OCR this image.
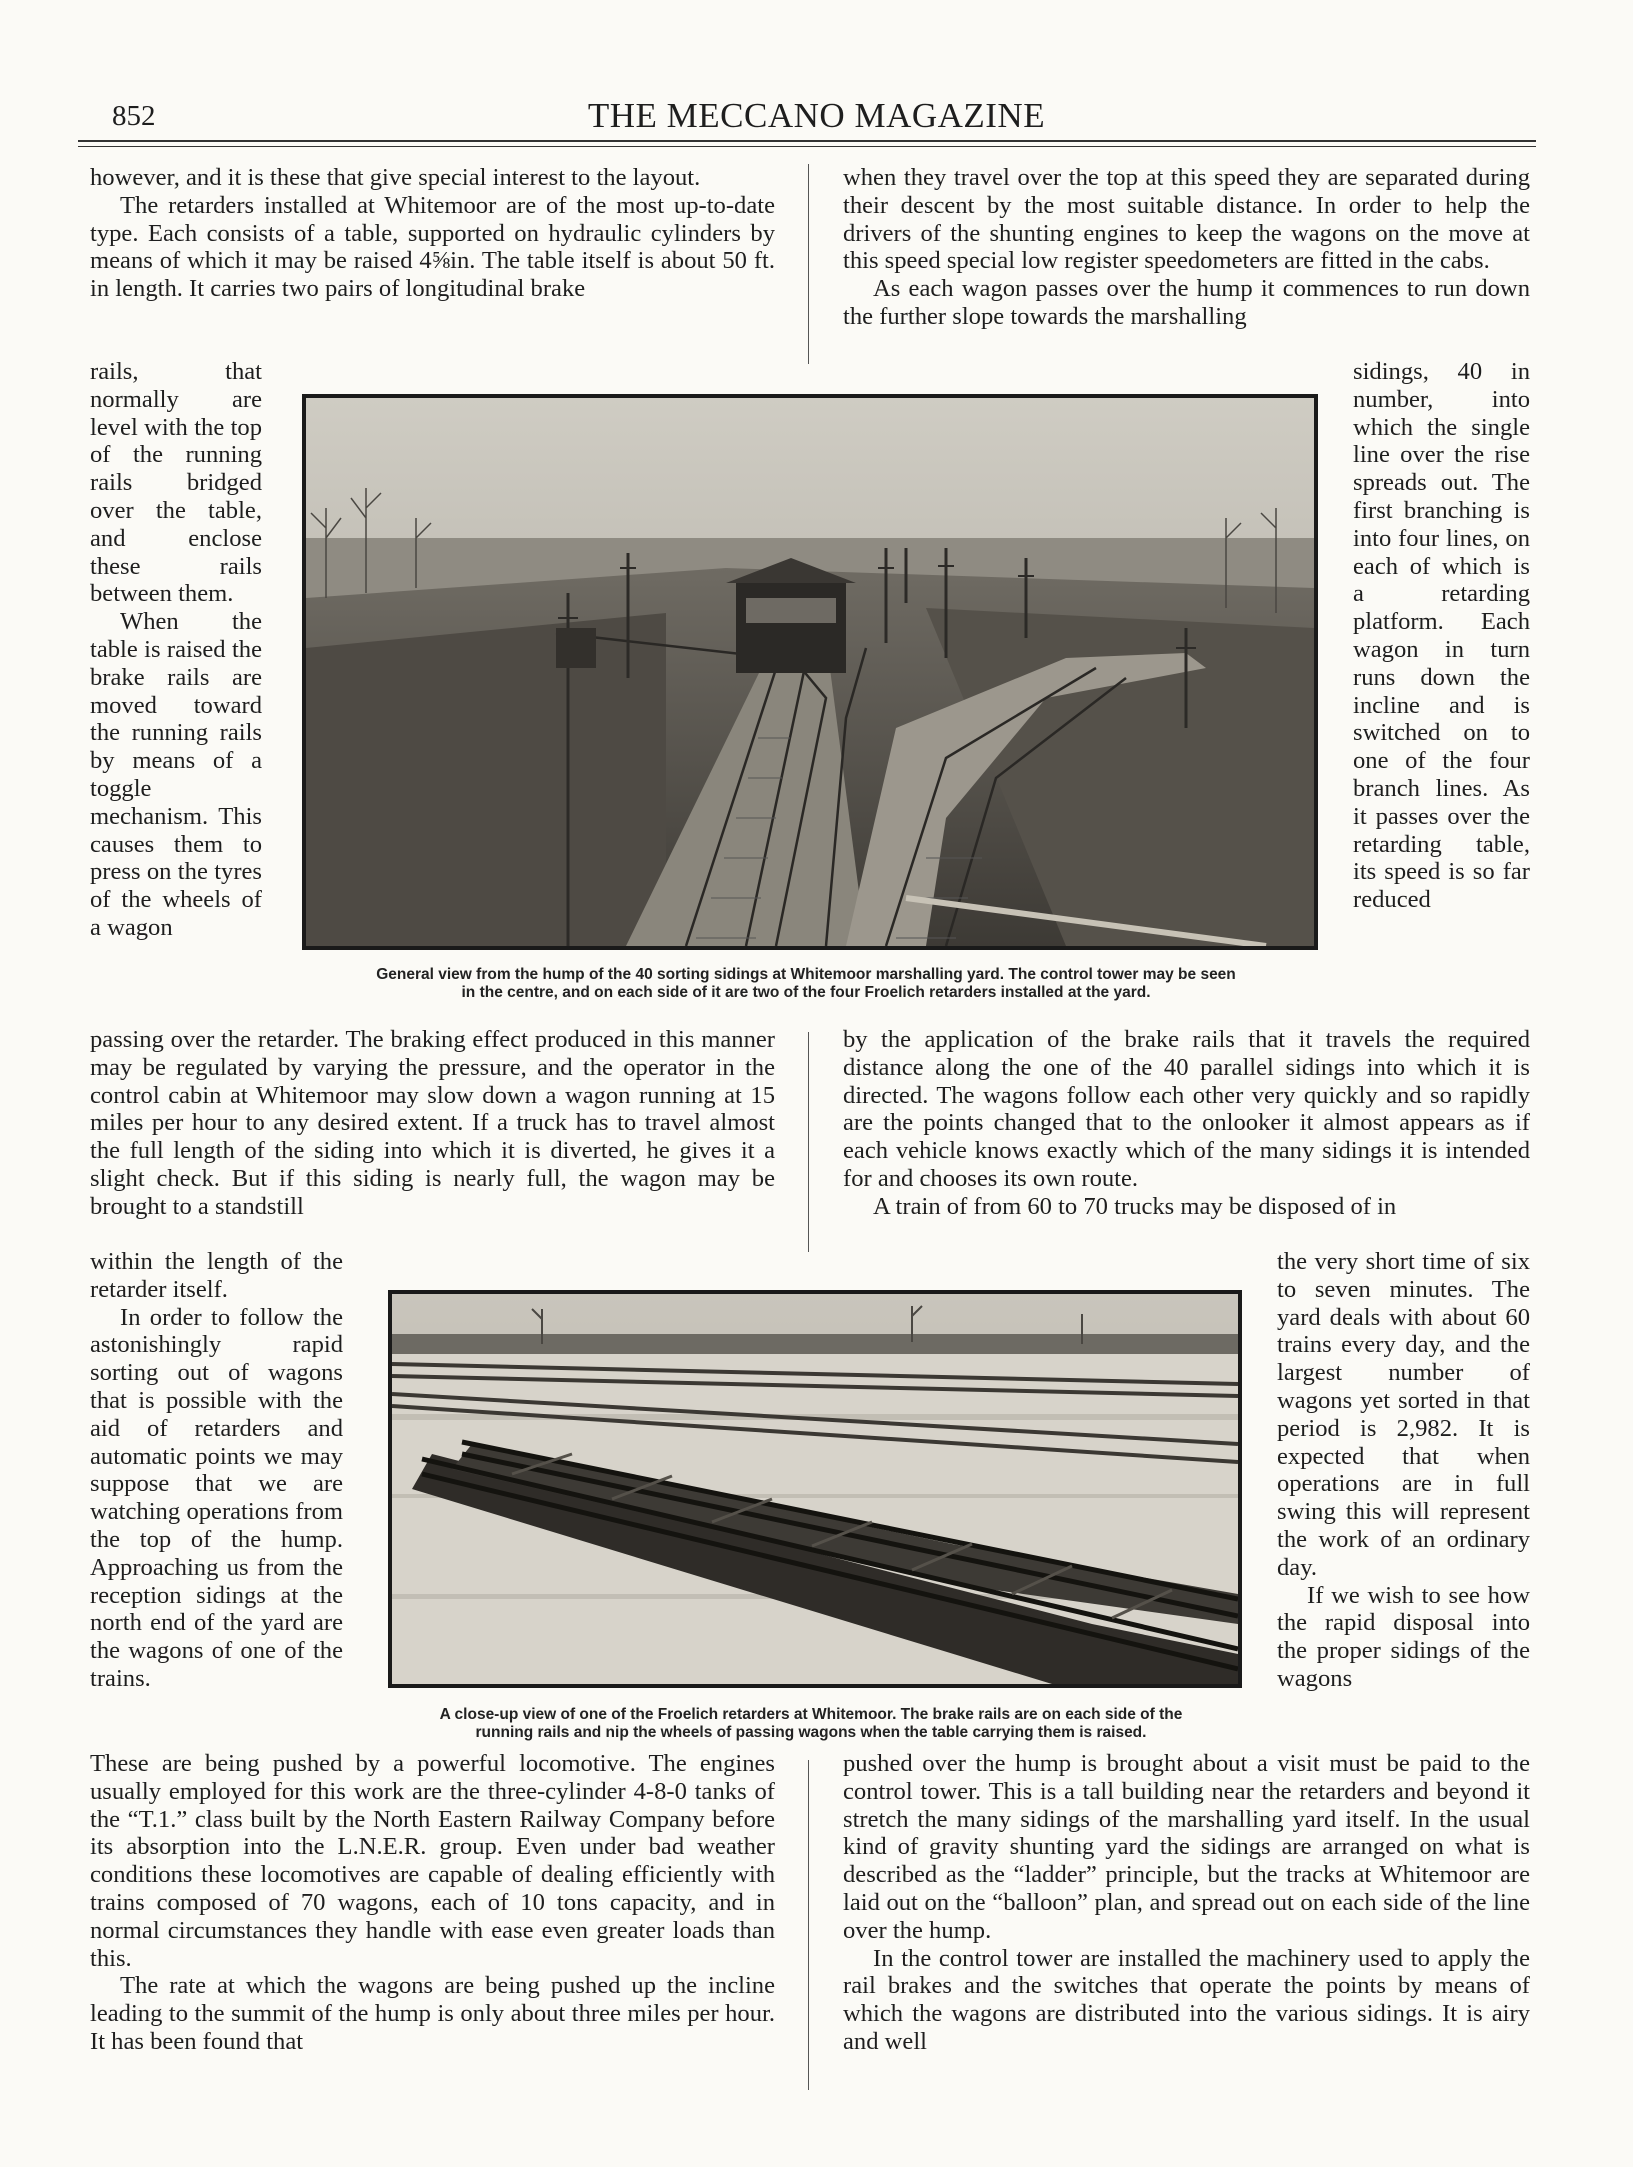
852	THE MECCANO MAGAZINE

however, and it is these that give special interest to the layout.

The retarders installed at Whitemoor are of the most up-to-date type. Each consists of a table, supported on hydraulic cylinders by means of which it may be raised 4⅝in. The table itself is about 50 ft. in length. It carries two pairs of longitudinal brake

when they travel over the top at this speed they are separated during their descent by the most suitable distance. In order to help the drivers of the shunting engines to keep the wagons on the move at this speed special low register speedometers are fitted in the cabs.

As each wagon passes over the hump it commences to run down the further slope towards the marshalling

rails, that normally are level with the top of the running rails bridged over the table, and enclose these rails between them.

When the table is raised the brake rails are moved toward the running rails by means of a toggle mechanism. This causes them to press on the tyres of the wheels of a wagon

sidings, 40 in number, into which the single line over the rise spreads out. The first branching is into four lines, on each of which is a retarding platform. Each wagon in turn runs down the incline and is switched on to one of the four branch lines. As it passes over the retarding table, its speed is so far reduced

General view from the hump of the 40 sorting sidings at Whitemoor marshalling yard. The control tower may be seen
in the centre, and on each side of it are two of the four Froelich retarders installed at the yard.

passing over the retarder. The braking effect produced in this manner may be regulated by varying the pressure, and the operator in the control cabin at Whitemoor may slow down a wagon running at 15 miles per hour to any desired extent. If a truck has to travel almost the full length of the siding into which it is diverted, he gives it a slight check. But if this siding is nearly full, the wagon may be brought to a standstill

by the application of the brake rails that it travels the required distance along the one of the 40 parallel sidings into which it is directed. The wagons follow each other very quickly and so rapidly are the points changed that to the onlooker it almost appears as if each vehicle knows exactly which of the many sidings it is intended for and chooses its own route.

A train of from 60 to 70 trucks may be disposed of in

within the length of the retarder itself.

In order to follow the astonishingly rapid sorting out of wagons that is possible with the aid of retarders and automatic points we may suppose that we are watching operations from the top of the hump. Approaching us from the reception sidings at the north end of the yard are the wagons of one of the trains.

the very short time of six to seven minutes. The yard deals with about 60 trains every day, and the largest number of wagons yet sorted in that period is 2,982. It is expected that when operations are in full swing this will represent the work of an ordinary day.

If we wish to see how the rapid disposal into the proper sidings of the wagons

A close-up view of one of the Froelich retarders at Whitemoor. The brake rails are on each side of the
running rails and nip the wheels of passing wagons when the table carrying them is raised.

These are being pushed by a powerful locomotive. The engines usually employed for this work are the three-cylinder 4-8-0 tanks of the “T.1.” class built by the North Eastern Railway Company before its absorption into the L.N.E.R. group. Even under bad weather conditions these locomotives are capable of dealing efficiently with trains composed of 70 wagons, each of 10 tons capacity, and in normal circumstances they handle with ease even greater loads than this.

The rate at which the wagons are being pushed up the incline leading to the summit of the hump is only about three miles per hour. It has been found that

pushed over the hump is brought about a visit must be paid to the control tower. This is a tall building near the retarders and beyond it stretch the many sidings of the marshalling yard itself. In the usual kind of gravity shunting yard the sidings are arranged on what is described as the “ladder” principle, but the tracks at Whitemoor are laid out on the “balloon” plan, and spread out on each side of the line over the hump.

In the control tower are installed the machinery used to apply the rail brakes and the switches that operate the points by means of which the wagons are distributed into the various sidings. It is airy and well
